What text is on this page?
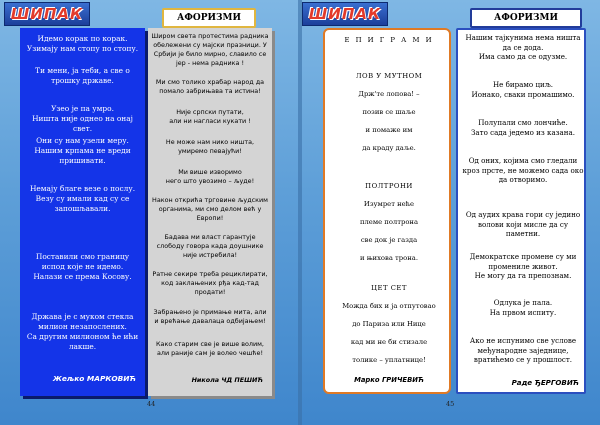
ШИПАК	АФОРИЗМИ

Идемо корак по корак.
Узимају нам стопу по стопу.

Ти мени, ја теби, а све о трошку државе.

Узео је па умро.
Ништа није однео на онај свет.

Они су нам узели меру.
Нашим крпама не вреди пришивати.

Немају благе везе о послу.
Везу су имали кад су се запошљавали.

Поставили смо границу испод које не идемо.
Налази се према Косову.

Држава је с муком стекла милион незапослених.
Са другим милионом ће ићи лакше.

Жељко МАРКОВИЋ

Широм света протестима радника обележени су мајски празници. У Србији је било мирно, славило се јер - нема радника !

Ми смо толико храбар народ да помало забрињава та истина!

Није српски путати,
али ни нагласи кукати !

Не може нам нико ништа,
умиремо певајући!

Ми више изворимо
него што увозимо – људе!

Након открића трговине људским органима, ми смо делом већ у Европи!

Бадава ми власт гарантује слободу говора када доушнике није истребила!

Ратне секире треба рециклирати, код заклањених рђа кад-тад продати!

Забрањено је примање мита, али и врећање давалаца одбијањем!

Како старим све је више волим, али раније сам је волео чешће!

Никола ЧД ПЕШИЋ

44
ШИПАК	АФОРИЗМИ

Е П И Г Р А М И

ЛОВ У МУТНОМ

Држ'те лопова! –

позив се шаље

и помаже им

да краду даље.

ПОЛТРОНИ

Изумрет неће

племе полтрона

све док је газда

и њихова трона.

ЦЕТ СЕТ

Можда бих и ја отпутовао

до Париза или Нице

кад ми не би стизале

толике – уплатнице!

Марко ГРИЧЕВИЋ

Нашим тајкунима нема ништа да се дода.
Има само да се одузме.

Не бирамо циљ.
Ионако, сваки промашимо.

Полупали смо лончиће.
Зато сада једемо из казана.

Од оних, којима смо гледали кроз прсте, не можемо сада око да отворимо.

Од аудиx крава гори су једино волови који мисле да су паметни.

Демократске промене су ми променилe живот.
Не могу да га препознам.

Одлука је пала.
На првом испиту.

Ако не испунимо све услове међународне заједнице, вратићемо се у прошлост.

Раде ЂЕРГОВИЋ

45
